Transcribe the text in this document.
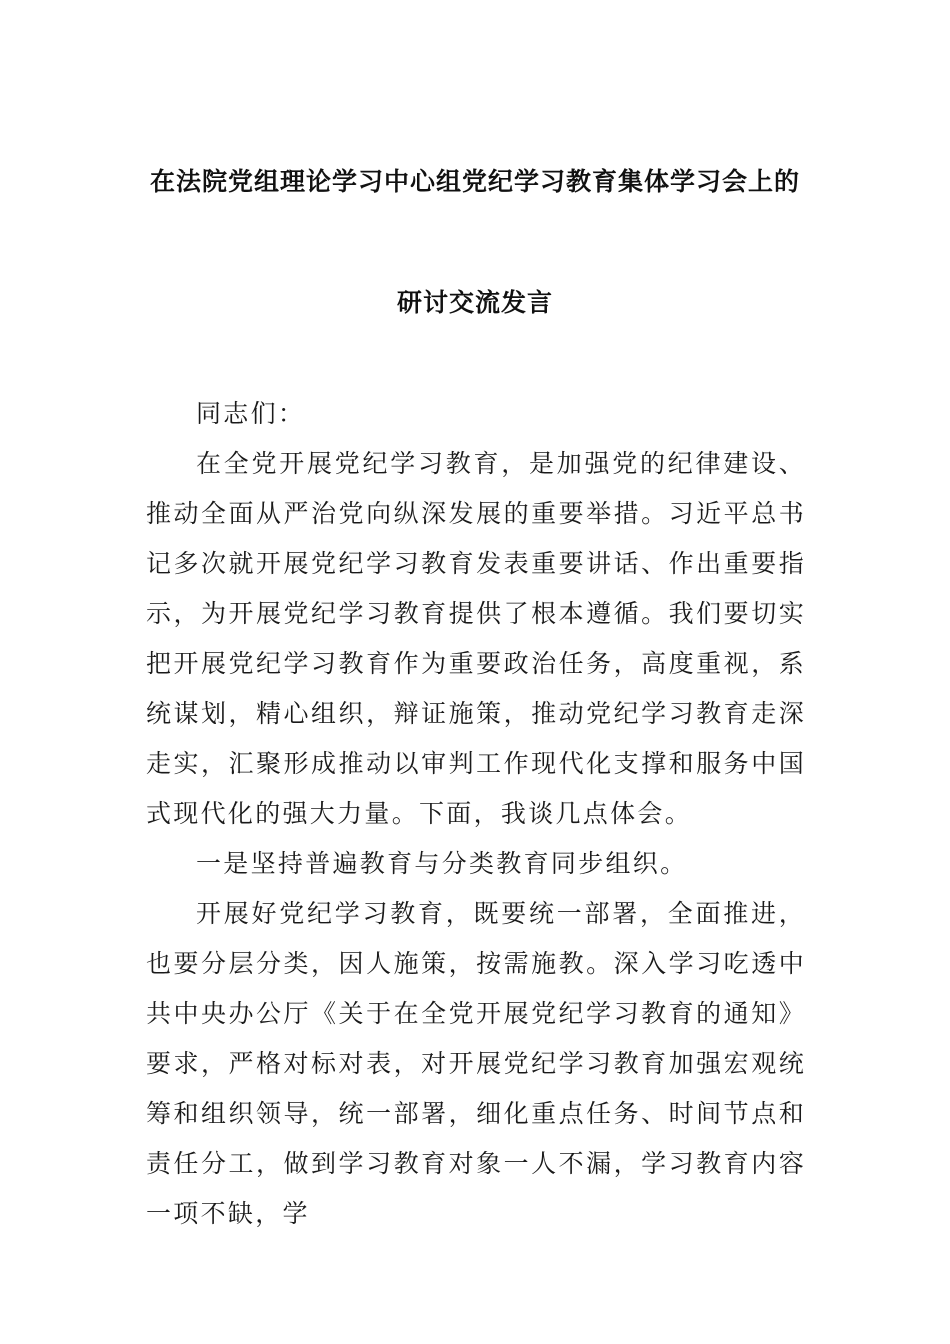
在法院党组理论学习中心组党纪学习教育集体学习会上的
研讨交流发言

同志们：

在全党开展党纪学习教育，是加强党的纪律建设、推动全面从严治党向纵深发展的重要举措。习近平总书记多次就开展党纪学习教育发表重要讲话、作出重要指示，为开展党纪学习教育提供了根本遵循。我们要切实把开展党纪学习教育作为重要政治任务，高度重视，系统谋划，精心组织，辩证施策，推动党纪学习教育走深走实，汇聚形成推动以审判工作现代化支撑和服务中国式现代化的强大力量。下面，我谈几点体会。

一是坚持普遍教育与分类教育同步组织。

开展好党纪学习教育，既要统一部署，全面推进，也要分层分类，因人施策，按需施教。深入学习吃透中共中央办公厅《关于在全党开展党纪学习教育的通知》要求，严格对标对表，对开展党纪学习教育加强宏观统筹和组织领导，统一部署，细化重点任务、时间节点和责任分工，做到学习教育对象一人不漏，学习教育内容一项不缺，学
